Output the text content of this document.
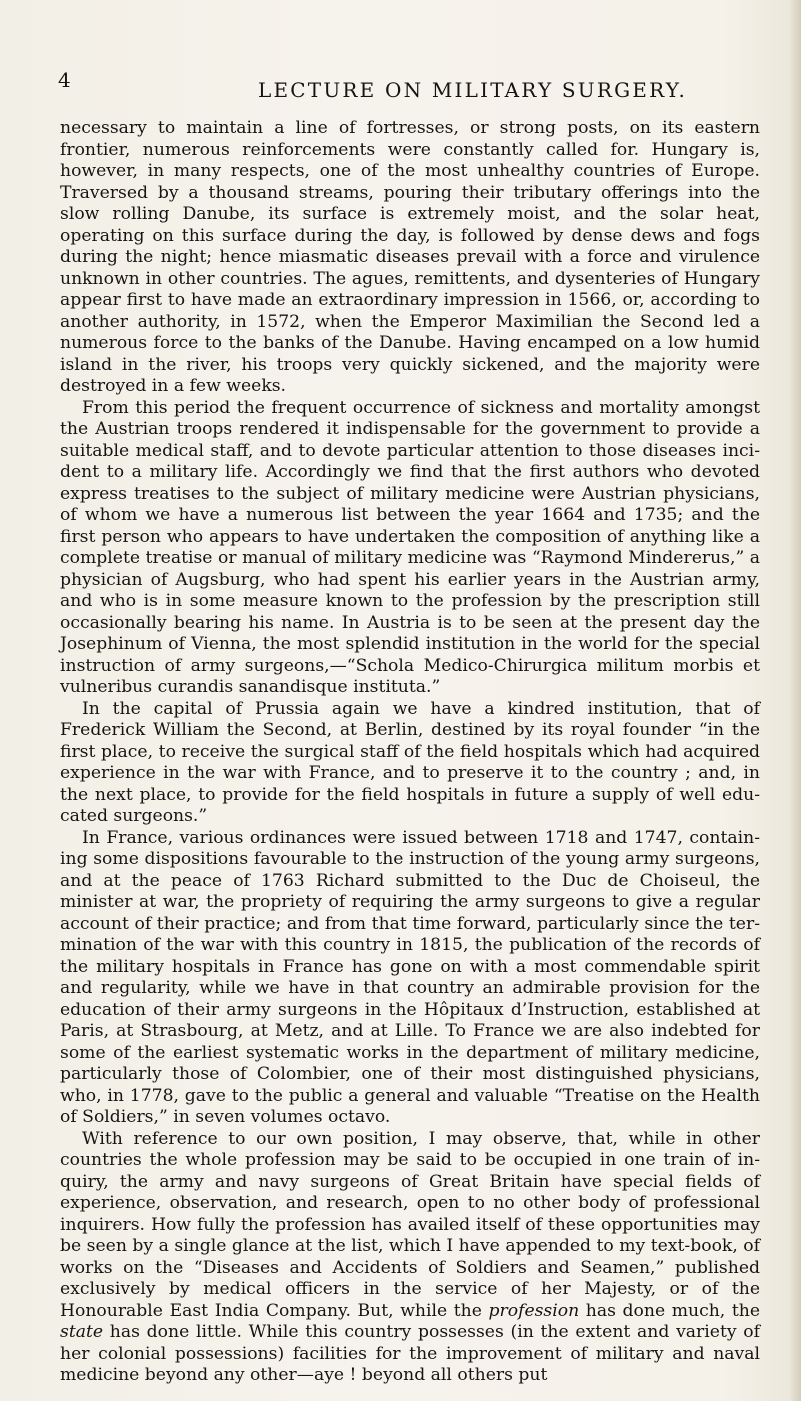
4	LECTURE ON MILITARY SURGERY.

necessary to maintain a line of fortresses, or strong posts, on its eastern frontier, numerous reinforcements were constantly called for. Hungary is, however, in many respects, one of the most unhealthy countries of Europe. Traversed by a thousand streams, pouring their tributary offerings into the slow rolling Danube, its surface is extremely moist, and the solar heat, operating on this surface during the day, is followed by dense dews and fogs during the night; hence miasmatic diseases prevail with a force and virulence unknown in other countries. The agues, remittents, and dysenteries of Hungary appear first to have made an extraordinary impression in 1566, or, according to another authority, in 1572, when the Emperor Maximilian the Second led a numerous force to the banks of the Danube. Having encamped on a low humid island in the river, his troops very quickly sickened, and the majority were destroyed in a few weeks.

From this period the frequent occurrence of sickness and mortality amongst the Austrian troops rendered it indispensable for the government to provide a suitable medical staff, and to devote particular attention to those diseases incident to a military life. Accordingly we find that the first authors who devoted express treatises to the subject of military medicine were Austrian physicians, of whom we have a numerous list between the year 1664 and 1735; and the first person who appears to have undertaken the composition of anything like a complete treatise or manual of military medicine was “Raymond Mindererus,” a physician of Augsburg, who had spent his earlier years in the Austrian army, and who is in some measure known to the profession by the prescription still occasionally bearing his name. In Austria is to be seen at the present day the Josephinum of Vienna, the most splendid institution in the world for the special instruction of army surgeons,—“Schola Medico-Chirurgica militum morbis et vulneribus curandis sanandisque instituta.”

In the capital of Prussia again we have a kindred institution, that of Frederick William the Second, at Berlin, destined by its royal founder “in the first place, to receive the surgical staff of the field hospitals which had acquired experience in the war with France, and to preserve it to the country ; and, in the next place, to provide for the field hospitals in future a supply of well educated surgeons.”

In France, various ordinances were issued between 1718 and 1747, containing some dispositions favourable to the instruction of the young army surgeons, and at the peace of 1763 Richard submitted to the Duc de Choiseul, the minister at war, the propriety of requiring the army surgeons to give a regular account of their practice; and from that time forward, particularly since the termination of the war with this country in 1815, the publication of the records of the military hospitals in France has gone on with a most commendable spirit and regularity, while we have in that country an admirable provision for the education of their army surgeons in the Hôpitaux d’Instruction, established at Paris, at Strasbourg, at Metz, and at Lille. To France we are also indebted for some of the earliest systematic works in the department of military medicine, particularly those of Colombier, one of their most distinguished physicians, who, in 1778, gave to the public a general and valuable “Treatise on the Health of Soldiers,” in seven volumes octavo.

With reference to our own position, I may observe, that, while in other countries the whole profession may be said to be occupied in one train of inquiry, the army and navy surgeons of Great Britain have special fields of experience, observation, and research, open to no other body of professional inquirers. How fully the profession has availed itself of these opportunities may be seen by a single glance at the list, which I have appended to my text-book, of works on the “Diseases and Accidents of Soldiers and Seamen,” published exclusively by medical officers in the service of her Majesty, or of the Honourable East India Company. But, while the profession has done much, the state has done little. While this country possesses (in the extent and variety of her colonial possessions) facilities for the improvement of military and naval medicine beyond any other—aye ! beyond all others put
